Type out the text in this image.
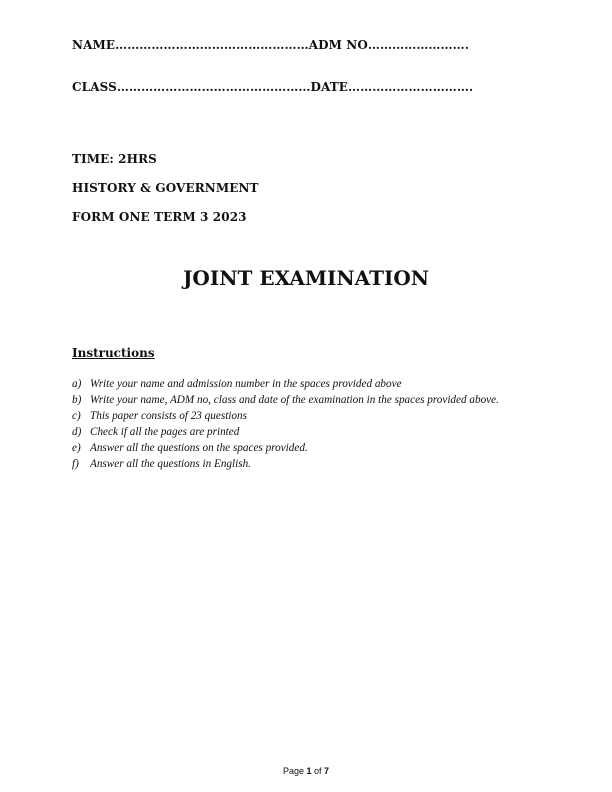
NAME………………………………………… ADM NO…………………….
CLASS………………………………………… DATE………………………….
TIME: 2HRS
HISTORY & GOVERNMENT
FORM ONE TERM 3 2023
JOINT EXAMINATION
Instructions
a) Write your name and admission number in the spaces provided above
b) Write your name, ADM no, class and date of the examination in the spaces provided above.
c) This paper consists of 23 questions
d) Check if all the pages are printed
e) Answer all the questions on the spaces provided.
f) Answer all the questions in English.
Page 1 of 7
